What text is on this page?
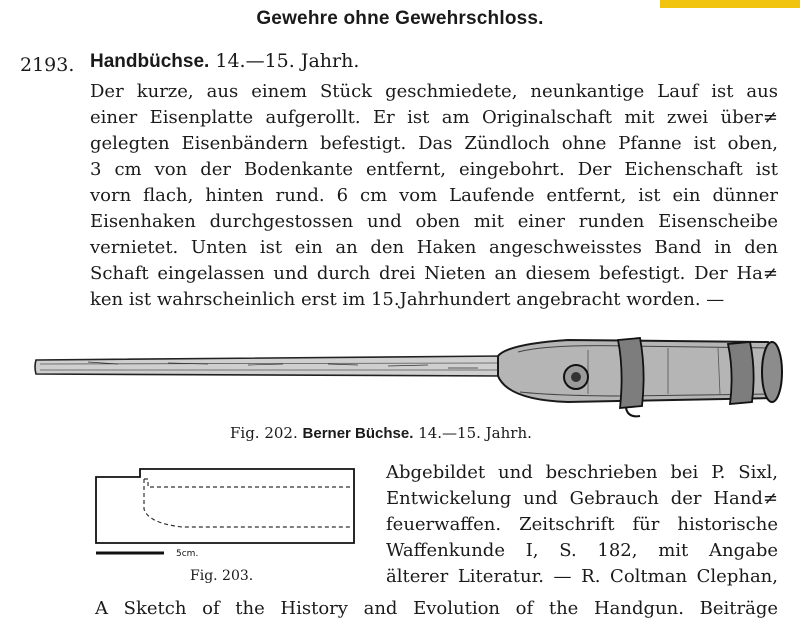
Gewehre ohne Gewehrschloss.
2193. Handbüchse. 14.—15. Jahrh.
Der kurze, aus einem Stück geschmiedete, neunkantige Lauf ist aus
einer Eisenplatte aufgerollt. Er ist am Originalschaft mit zwei über≠
gelegten Eisenbändern befestigt. Das Zündloch ohne Pfanne ist oben,
3 cm von der Bodenkante entfernt, eingebohrt. Der Eichenschaft ist
vorn flach, hinten rund. 6 cm vom Laufende entfernt, ist ein dünner
Eisenhaken durchgestossen und oben mit einer runden Eisenscheibe
vernietet. Unten ist ein an den Haken angeschweisstes Band in den
Schaft eingelassen und durch drei Nieten an diesem befestigt. Der Ha≠
ken ist wahrscheinlich erst im 15.Jahrhundert angebracht worden. —
Fig. 202. Berner Büchse. 14.—15. Jahrh.
5cm.
Fig. 203.
Abgebildet und beschrieben bei P. Sixl,
Entwickelung und Gebrauch der Hand≠
feuerwaffen. Zeitschrift für historische
Waffenkunde I, S. 182, mit Angabe
älterer Literatur. — R. Coltman Clephan,
A Sketch of the History and Evolution of the Handgun. Beiträge
